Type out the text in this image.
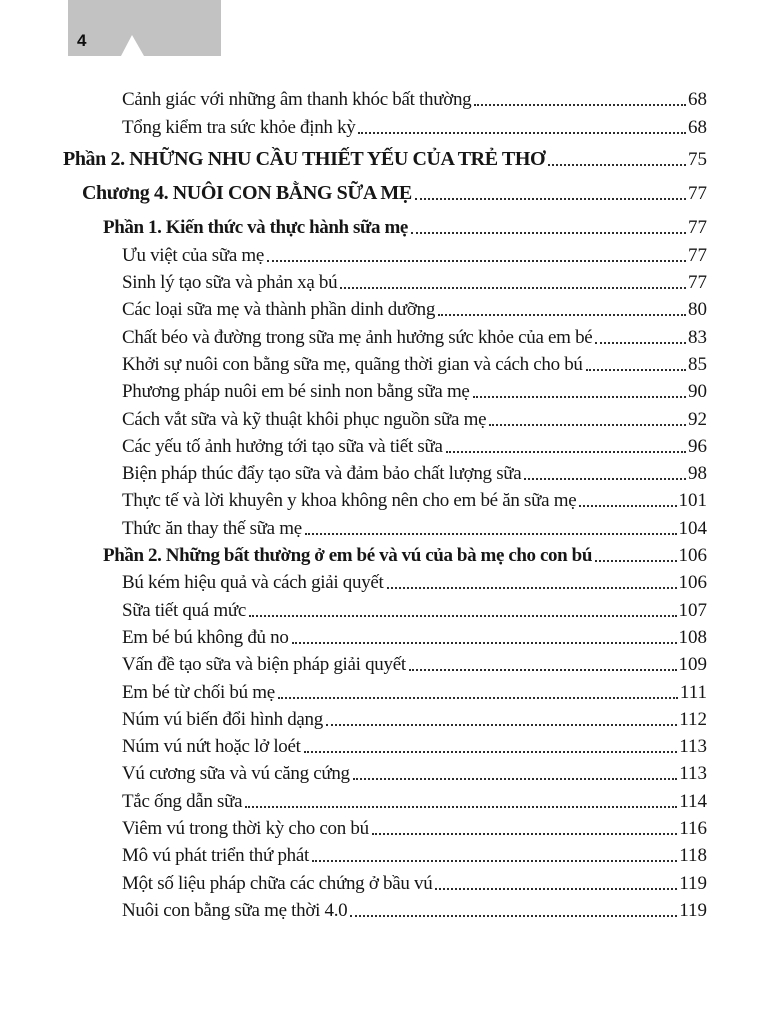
4
Cảnh giác với những âm thanh khóc bất thường	68
Tổng kiểm tra sức khỏe định kỳ	68
Phần 2. NHỮNG NHU CẦU THIẾT YẾU CỦA TRẺ THƠ	75
Chương 4. NUÔI CON BẰNG SỮA MẸ	77
Phần 1. Kiến thức và thực hành sữa mẹ	77
Ưu việt của sữa mẹ	77
Sinh lý tạo sữa và phản xạ bú	77
Các loại sữa mẹ và thành phần dinh dưỡng	80
Chất béo và đường trong sữa mẹ ảnh hưởng sức khỏe của em bé	83
Khởi sự nuôi con bằng sữa mẹ, quãng thời gian và cách cho bú	85
Phương pháp nuôi em bé sinh non bằng sữa mẹ	90
Cách vắt sữa và kỹ thuật khôi phục nguồn sữa mẹ	92
Các yếu tố ảnh hưởng tới tạo sữa và tiết sữa	96
Biện pháp thúc đẩy tạo sữa và đảm bảo chất lượng sữa	98
Thực tế và lời khuyên y khoa không nên cho em bé ăn sữa mẹ	101
Thức ăn thay thế sữa mẹ	104
Phần 2. Những bất thường ở em bé và vú của bà mẹ cho con bú	106
Bú kém hiệu quả và cách giải quyết	106
Sữa tiết quá mức	107
Em bé bú không đủ no	108
Vấn đề tạo sữa và biện pháp giải quyết	109
Em bé từ chối bú mẹ	111
Núm vú biến đổi hình dạng	112
Núm vú nứt hoặc lở loét	113
Vú cương sữa và vú căng cứng	113
Tắc ống dẫn sữa	114
Viêm vú trong thời kỳ cho con bú	116
Mô vú phát triển thứ phát	118
Một số liệu pháp chữa các chứng ở bầu vú	119
Nuôi con bằng sữa mẹ thời 4.0	119
